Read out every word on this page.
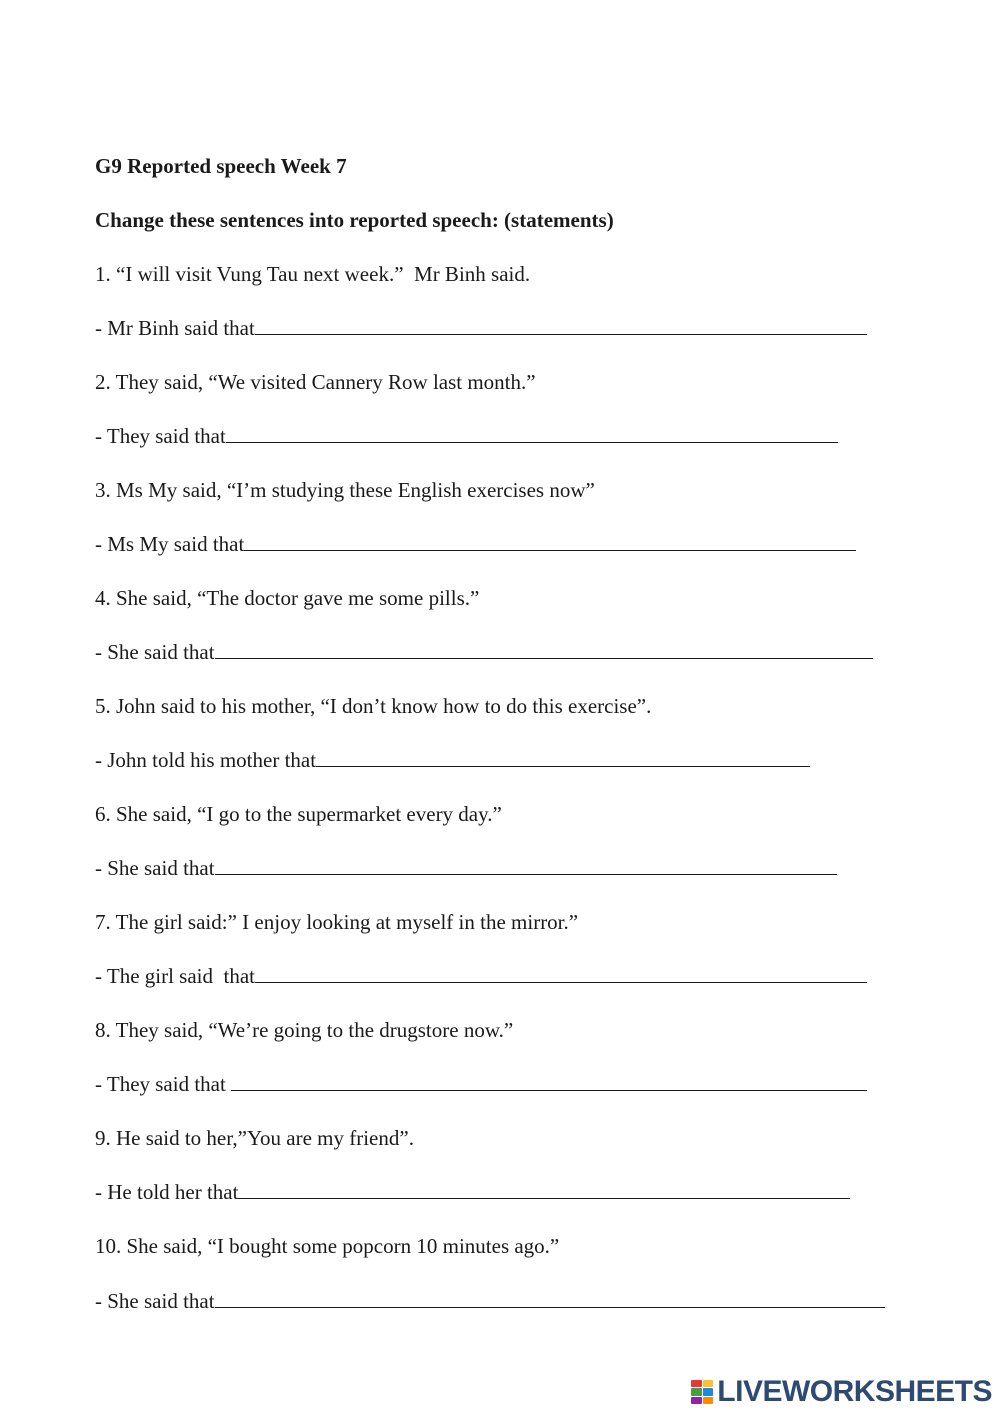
G9 Reported speech Week 7
Change these sentences into reported speech: (statements)
1. “I will visit Vung Tau next week.”  Mr Binh said.
- Mr Binh said that
2. They said, “We visited Cannery Row last month.”
- They said that
3. Ms My said, “I’m studying these English exercises now”
- Ms My said that
4. She said, “The doctor gave me some pills.”
- She said that
5. John said to his mother, “I don’t know how to do this exercise”.
- John told his mother that
6. She said, “I go to the supermarket every day.”
- She said that
7. The girl said:” I enjoy looking at myself in the mirror.”
- The girl said  that
8. They said, “We’re going to the drugstore now.”
- They said that
9. He said to her,”You are my friend”.
- He told her that
10. She said, “I bought some popcorn 10 minutes ago.”
- She said that
LIVEWORKSHEETS
